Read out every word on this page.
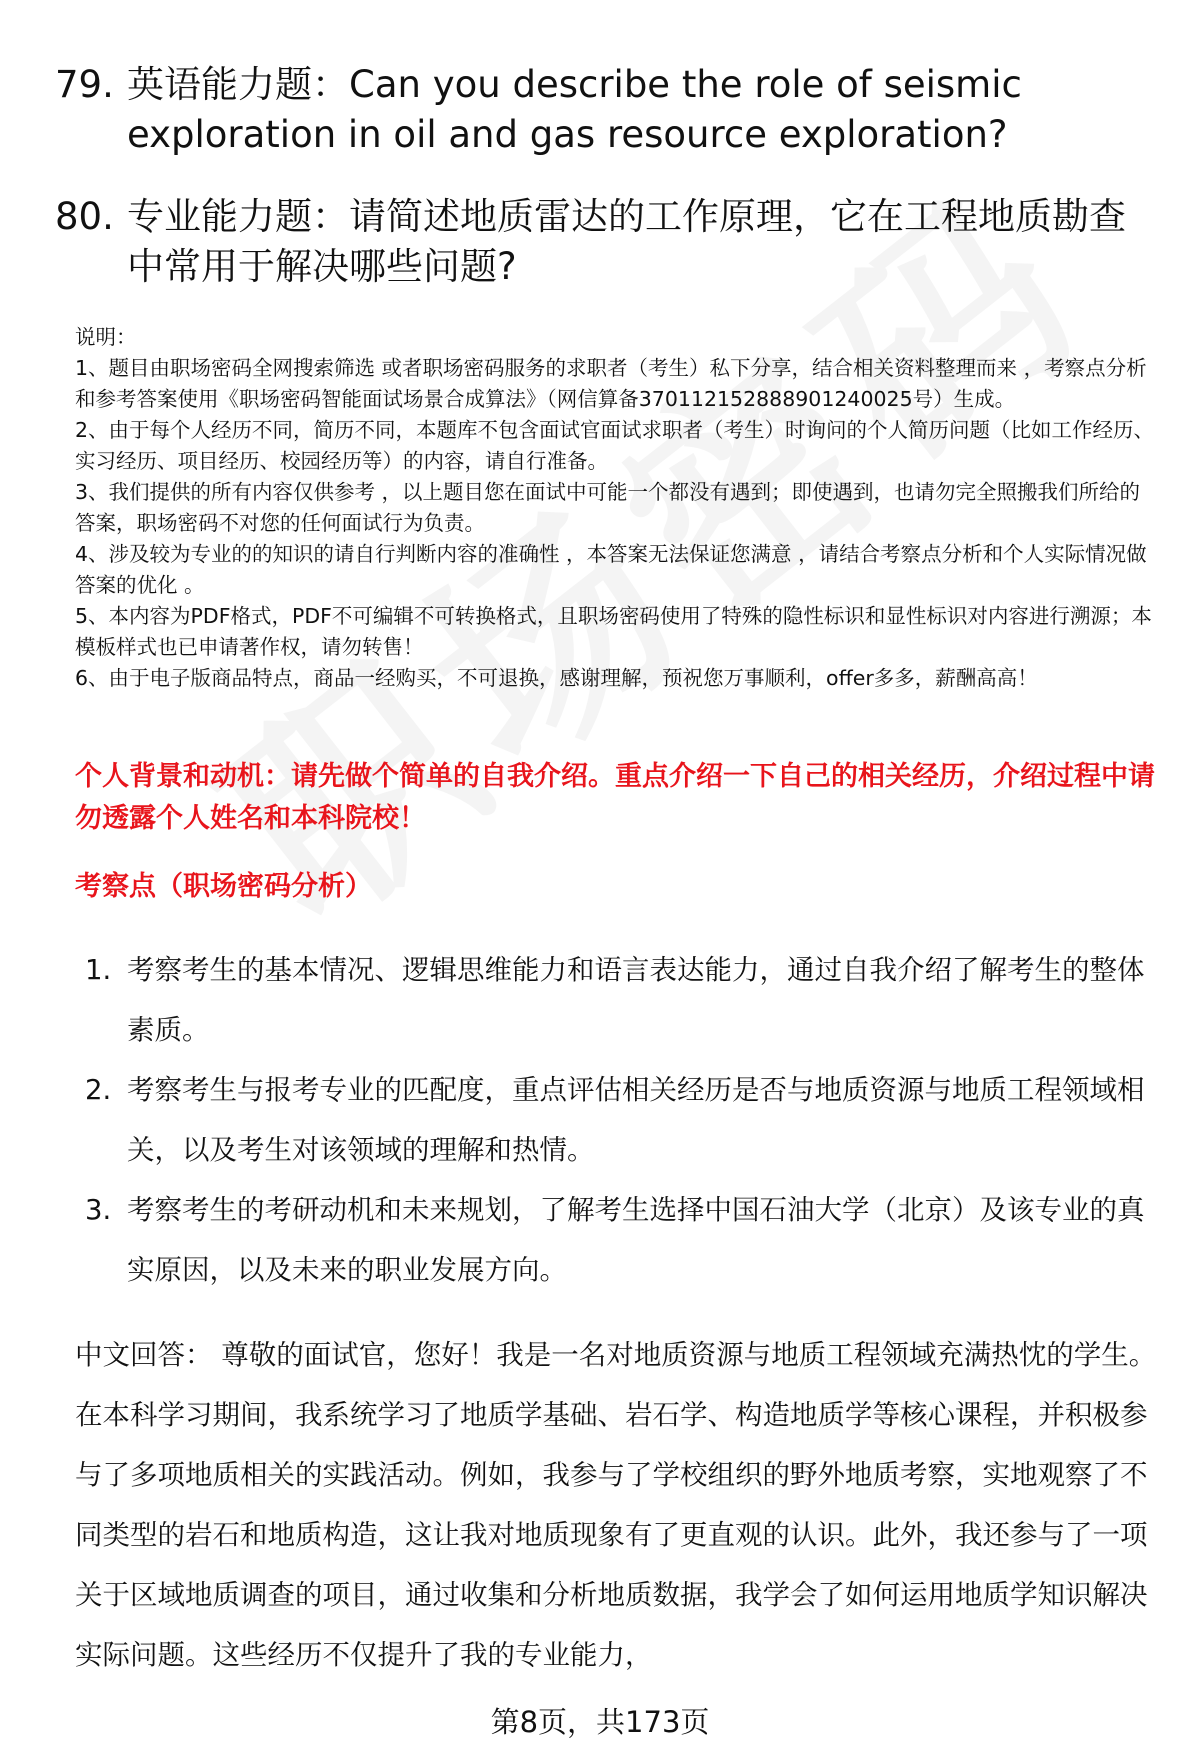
79. 英语能力题：Can you describe the role of seismic exploration in oil and gas resource exploration?
80. 专业能力题：请简述地质雷达的工作原理，它在工程地质勘查中常用于解决哪些问题?

说明：

1、题目由职场密码全网搜索筛选 或者职场密码服务的求职者（考生）私下分享，结合相关资料整理而来 ，考察点分析和参考答案使用《职场密码智能面试场景合成算法》（网信算备370112152888901240025号）生成。

2、由于每个人经历不同，简历不同，本题库不包含面试官面试求职者（考生）时询问的个人简历问题（比如工作经历、实习经历、项目经历、校园经历等）的内容，请自行准备。

3、我们提供的所有内容仅供参考 ，以上题目您在面试中可能一个都没有遇到；即使遇到，也请勿完全照搬我们所给的答案，职场密码不对您的任何面试行为负责。

4、涉及较为专业的的知识的请自行判断内容的准确性 ，本答案无法保证您满意 ，请结合考察点分析和个人实际情况做答案的优化 。

5、本内容为PDF格式，PDF不可编辑不可转换格式，且职场密码使用了特殊的隐性标识和显性标识对内容进行溯源；本模板样式也已申请著作权，请勿转售！

6、由于电子版商品特点，商品一经购买，不可退换，感谢理解，预祝您万事顺利，offer多多，薪酬高高！

个人背景和动机：请先做个简单的自我介绍。重点介绍一下自己的相关经历，介绍过程中请勿透露个人姓名和本科院校！
考察点（职场密码分析）
1. 考察考生的基本情况、逻辑思维能力和语言表达能力，通过自我介绍了解考生的整体素质。
2. 考察考生与报考专业的匹配度，重点评估相关经历是否与地质资源与地质工程领域相关，以及考生对该领域的理解和热情。
3. 考察考生的考研动机和未来规划，了解考生选择中国石油大学（北京）及该专业的真实原因，以及未来的职业发展方向。
中文回答： 尊敬的面试官，您好！我是一名对地质资源与地质工程领域充满热忱的学生。在本科学习期间，我系统学习了地质学基础、岩石学、构造地质学等核心课程，并积极参与了多项地质相关的实践活动。例如，我参与了学校组织的野外地质考察，实地观察了不同类型的岩石和地质构造，这让我对地质现象有了更直观的认识。此外，我还参与了一项关于区域地质调查的项目，通过收集和分析地质数据，我学会了如何运用地质学知识解决实际问题。这些经历不仅提升了我的专业能力，
第8页，共173页
